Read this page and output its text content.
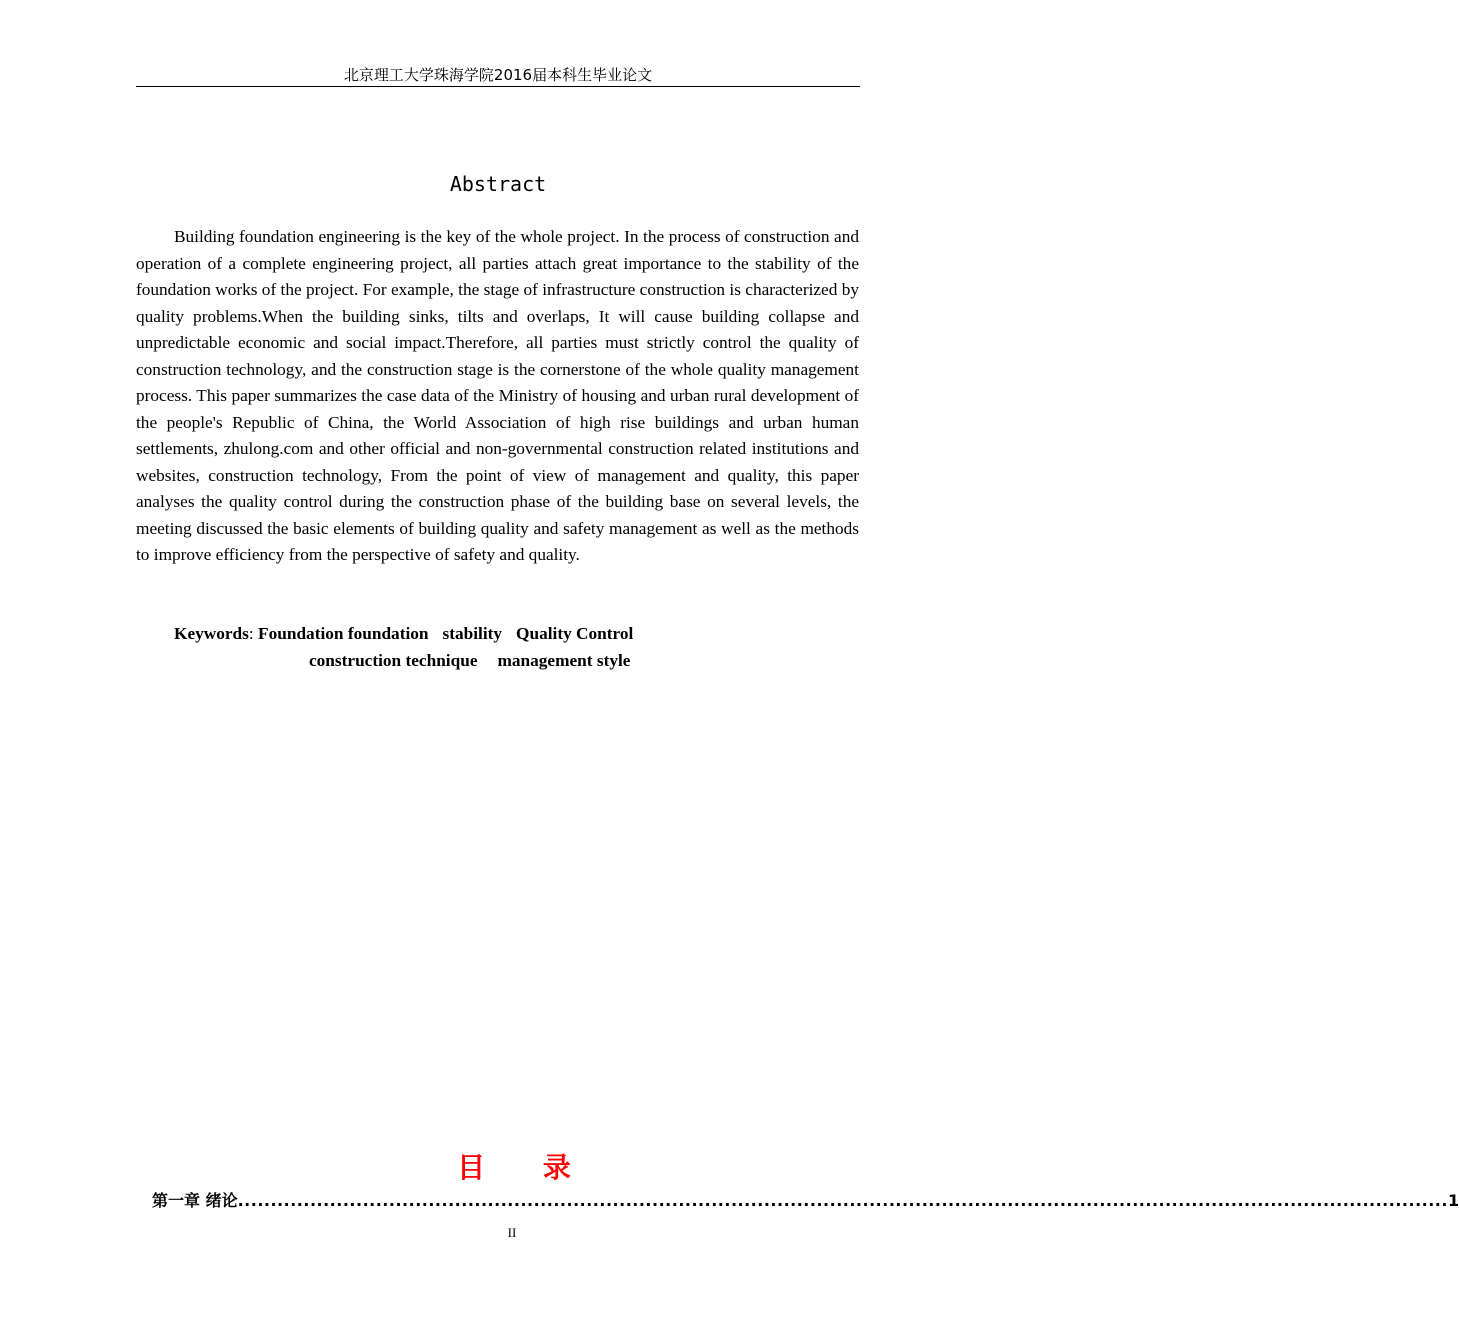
北京理工大学珠海学院2016届本科生毕业论文
Abstract

Building foundation engineering is the key of the whole project. In the process of construction and operation of a complete engineering project, all parties attach great importance to the stability of the foundation works of the project. For example, the stage of infrastructure construction is characterized by quality problems.When the building sinks, tilts and overlaps, It will cause building collapse and unpredictable economic and social impact.Therefore, all parties must strictly control the quality of construction technology, and the construction stage is the cornerstone of the whole quality management process. This paper summarizes the case data of the Ministry of housing and urban rural development of the people's Republic of China, the World Association of high rise buildings and urban human settlements, zhulong.com and other official and non-governmental construction related institutions and websites, construction technology, From the point of view of management and quality, this paper analyses the quality control during the construction phase of the building base on several levels, the meeting discussed the basic elements of building quality and safety management as well as the methods to improve efficiency from the perspective of safety and quality.

Keywords: Foundation foundation stability Quality Control
construction technique management style
目 录
第一章 绪论 ........................................................................................................................................................................................ 1
II
